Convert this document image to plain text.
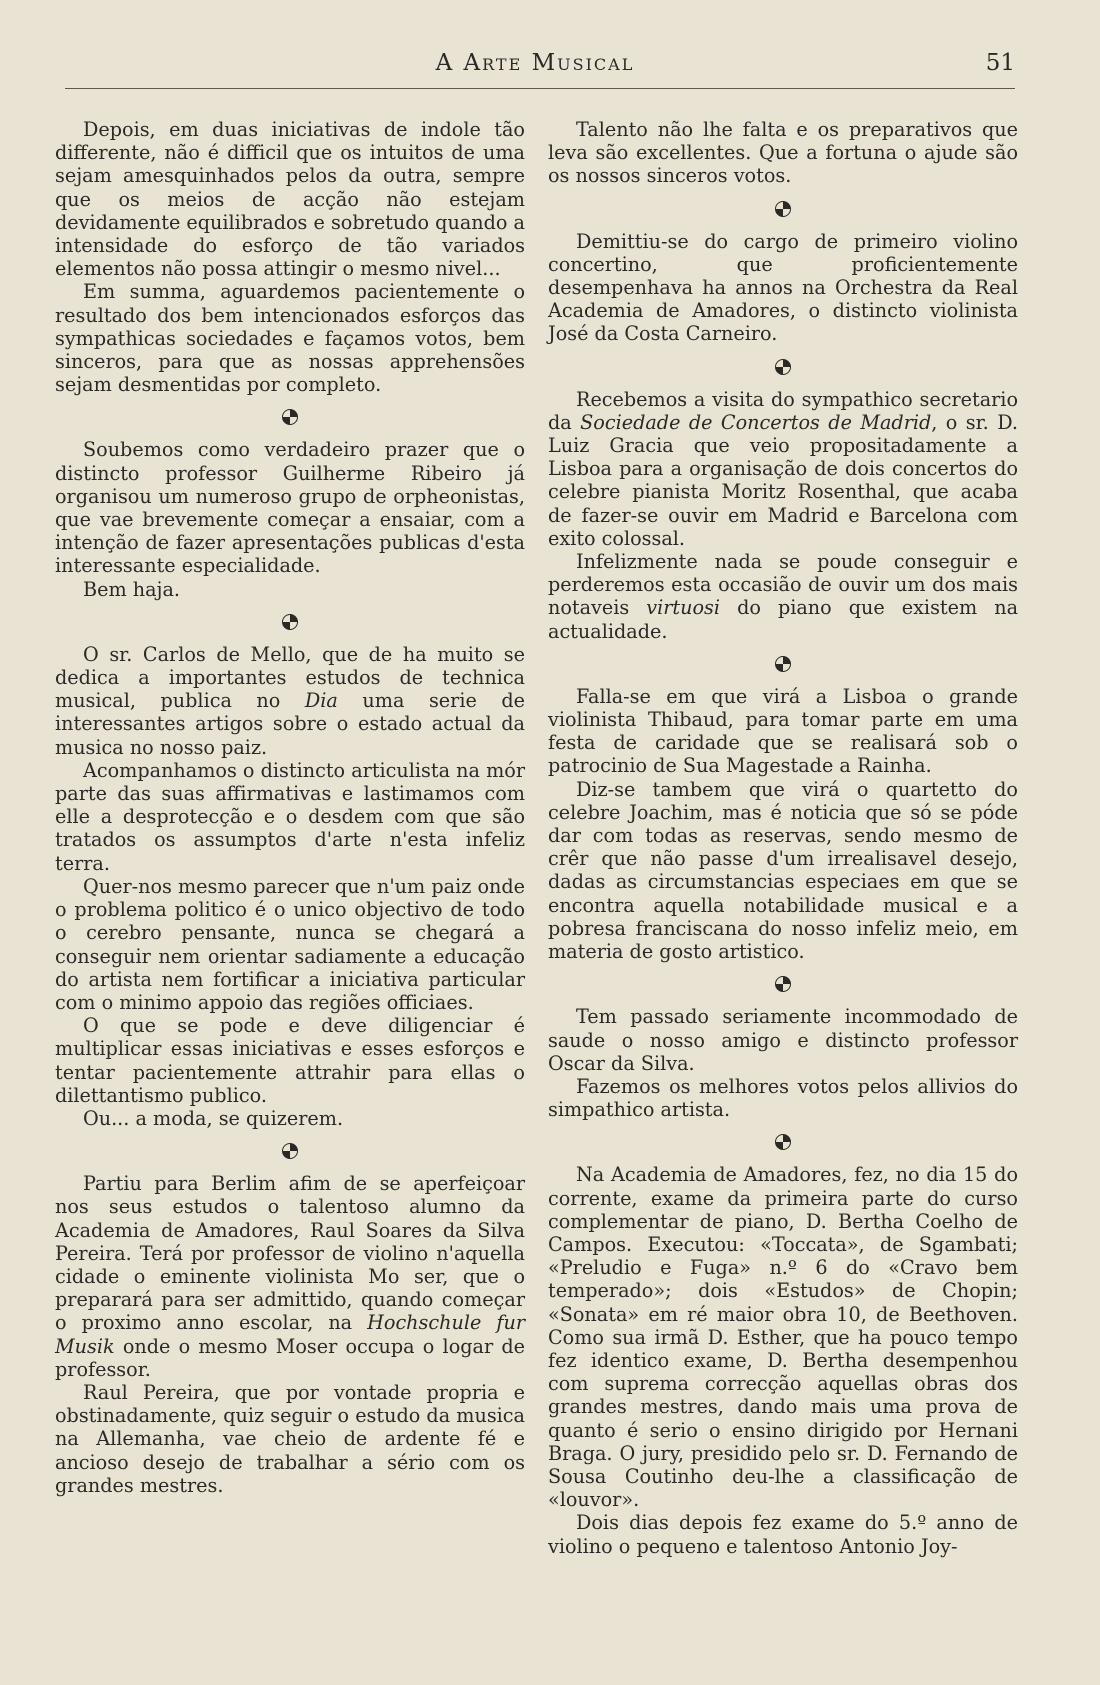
A Arte Musical	51

Depois, em duas iniciativas de indole tão differente, não é difficil que os intuitos de uma sejam amesquinhados pelos da outra, sempre que os meios de acção não estejam devidamente equilibrados e sobretudo quando a intensidade do esforço de tão variados elementos não possa attingir o mesmo nivel...

Em summa, aguardemos pacientemente o resultado dos bem intencionados esforços das sympathicas sociedades e façamos votos, bem sinceros, para que as nossas apprehensões sejam desmentidas por completo.

Soubemos como verdadeiro prazer que o distincto professor Guilherme Ribeiro já organisou um numeroso grupo de orpheonistas, que vae brevemente começar a ensaiar, com a intenção de fazer apresentações publicas d'esta interessante especialidade.

Bem haja.

O sr. Carlos de Mello, que de ha muito se dedica a importantes estudos de technica musical, publica no Dia uma serie de interessantes artigos sobre o estado actual da musica no nosso paiz.

Acompanhamos o distincto articulista na mór parte das suas affirmativas e lastimamos com elle a desprotecção e o desdem com que são tratados os assumptos d'arte n'esta infeliz terra.

Quer-nos mesmo parecer que n'um paiz onde o problema politico é o unico objectivo de todo o cerebro pensante, nunca se chegará a conseguir nem orientar sadiamente a educação do artista nem fortificar a iniciativa particular com o minimo appoio das regiões officiaes.

O que se pode e deve diligenciar é multiplicar essas iniciativas e esses esforços e tentar pacientemente attrahir para ellas o dilettantismo publico.

Ou... a moda, se quizerem.

Partiu para Berlim afim de se aperfeiçoar nos seus estudos o talentoso alumno da Academia de Amadores, Raul Soares da Silva Pereira. Terá por professor de violino n'aquella cidade o eminente violinista Mo ser, que o preparará para ser admittido, quando começar o proximo anno escolar, na Hochschule fur Musik onde o mesmo Moser occupa o logar de professor.

Raul Pereira, que por vontade propria e obstinadamente, quiz seguir o estudo da musica na Allemanha, vae cheio de ardente fé e ancioso desejo de trabalhar a sério com os grandes mestres.

Talento não lhe falta e os preparativos que leva são excellentes. Que a fortuna o ajude são os nossos sinceros votos.

Demittiu-se do cargo de primeiro violino concertino, que proficientemente desempenhava ha annos na Orchestra da Real Academia de Amadores, o distincto violinista José da Costa Carneiro.

Recebemos a visita do sympathico secretario da Sociedade de Concertos de Madrid, o sr. D. Luiz Gracia que veio propositadamente a Lisboa para a organisação de dois concertos do celebre pianista Moritz Rosenthal, que acaba de fazer-se ouvir em Madrid e Barcelona com exito colossal.

Infelizmente nada se poude conseguir e perderemos esta occasião de ouvir um dos mais notaveis virtuosi do piano que existem na actualidade.

Falla-se em que virá a Lisboa o grande violinista Thibaud, para tomar parte em uma festa de caridade que se realisará sob o patrocinio de Sua Magestade a Rainha.

Diz-se tambem que virá o quartetto do celebre Joachim, mas é noticia que só se póde dar com todas as reservas, sendo mesmo de crêr que não passe d'um irrealisavel desejo, dadas as circumstancias especiaes em que se encontra aquella notabilidade musical e a pobresa franciscana do nosso infeliz meio, em materia de gosto artistico.

Tem passado seriamente incommodado de saude o nosso amigo e distincto professor Oscar da Silva.

Fazemos os melhores votos pelos allivios do simpathico artista.

Na Academia de Amadores, fez, no dia 15 do corrente, exame da primeira parte do curso complementar de piano, D. Bertha Coelho de Campos. Executou: «Toccata», de Sgambati; «Preludio e Fuga» n.º 6 do «Cravo bem temperado»; dois «Estudos» de Chopin; «Sonata» em ré maior obra 10, de Beethoven. Como sua irmã D. Esther, que ha pouco tempo fez identico exame, D. Bertha desempenhou com suprema correcção aquellas obras dos grandes mestres, dando mais uma prova de quanto é serio o ensino dirigido por Hernani Braga. O jury, presidido pelo sr. D. Fernando de Sousa Coutinho deu-lhe a classificação de «louvor».

Dois dias depois fez exame do 5.º anno de violino o pequeno e talentoso Antonio Joy-
